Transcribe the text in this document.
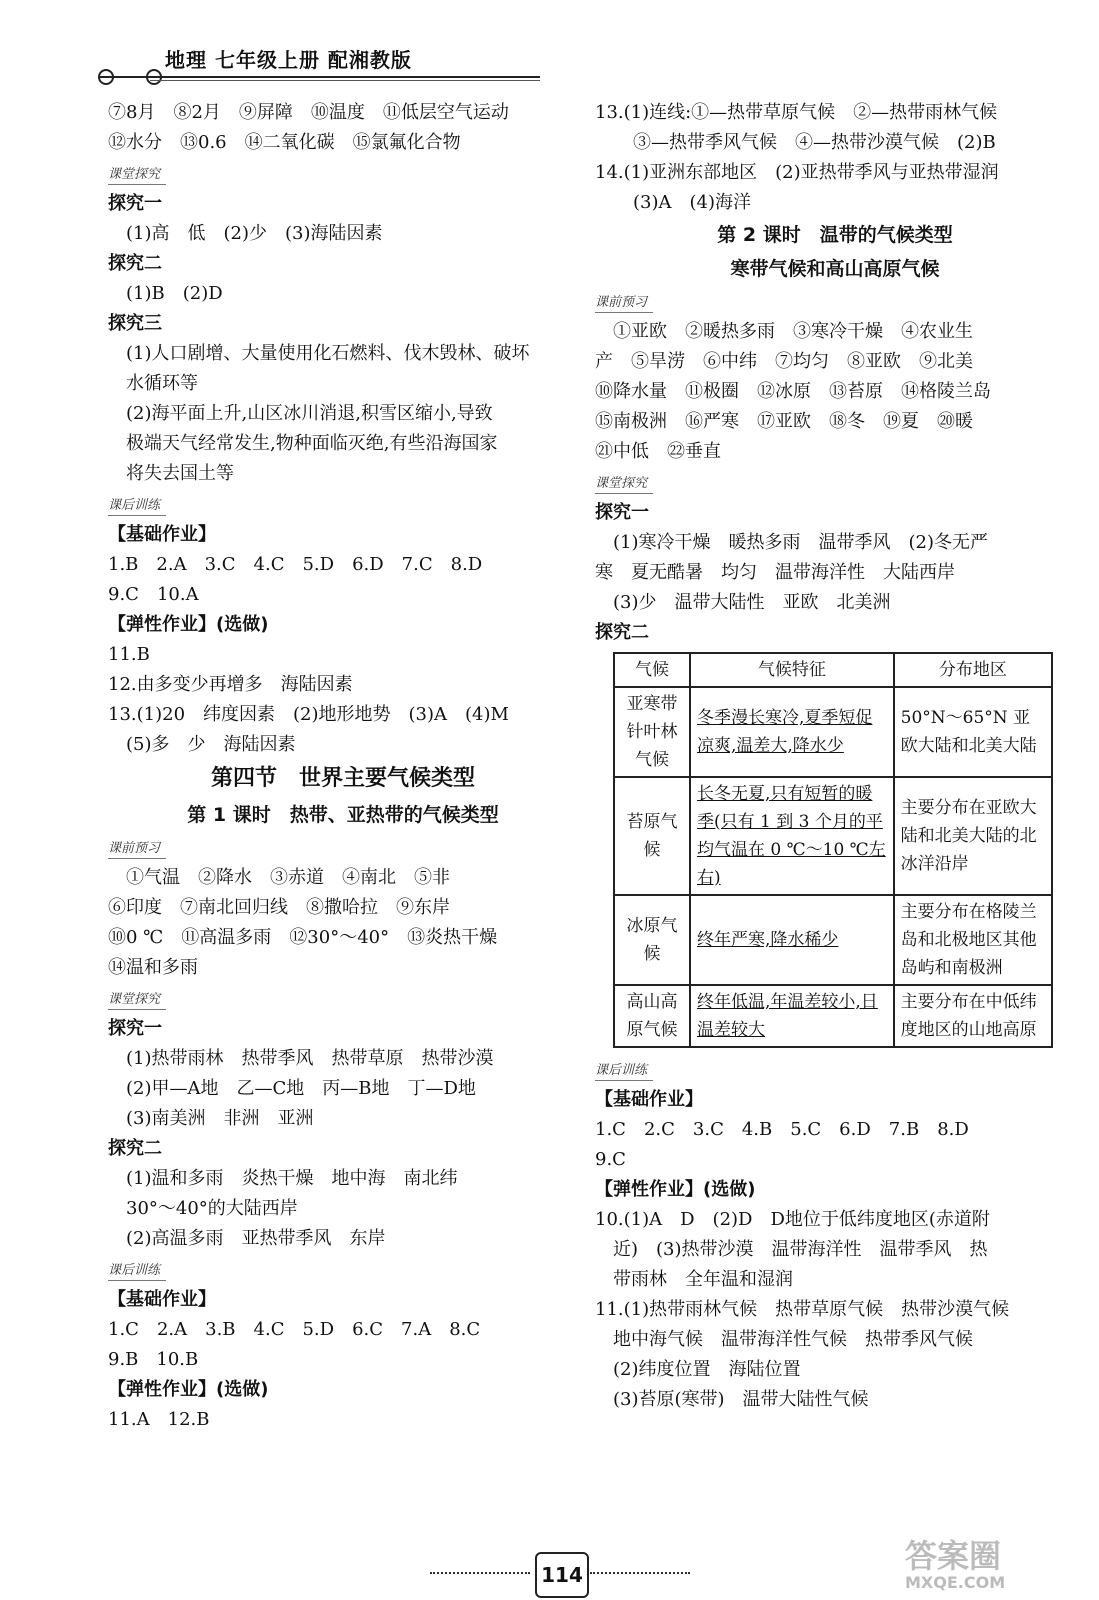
地理 七年级上册 配湘教版
⑦8月 ⑧2月 ⑨屏障 ⑩温度 ⑪低层空气运动
⑫水分 ⑬0.6 ⑭二氧化碳 ⑮氯氟化合物
课堂探究
探究一
(1)高　低　(2)少　(3)海陆因素
探究二
(1)B　(2)D
探究三
(1)人口剧增、大量使用化石燃料、伐木毁林、破坏
水循环等
(2)海平面上升,山区冰川消退,积雪区缩小,导致
极端天气经常发生,物种面临灭绝,有些沿海国家
将失去国土等
课后训练
【基础作业】
1.B　2.A　3.C　4.C　5.D　6.D　7.C　8.D
9.C　10.A
【弹性作业】(选做)
11.B
12.由多变少再增多　海陆因素
13.(1)20　纬度因素　(2)地形地势　(3)A　(4)M
(5)多　少　海陆因素
第四节　世界主要气候类型
第 1 课时　热带、亚热带的气候类型
课前预习
①气温　②降水　③赤道　④南北　⑤非
⑥印度　⑦南北回归线　⑧撒哈拉　⑨东岸
⑩0 ℃　⑪高温多雨　⑫30°～40°　⑬炎热干燥
⑭温和多雨
课堂探究
探究一
(1)热带雨林　热带季风　热带草原　热带沙漠
(2)甲—A地　乙—C地　丙—B地　丁—D地
(3)南美洲　非洲　亚洲
探究二
(1)温和多雨　炎热干燥　地中海　南北纬
30°～40°的大陆西岸
(2)高温多雨　亚热带季风　东岸
课后训练
【基础作业】
1.C　2.A　3.B　4.C　5.D　6.C　7.A　8.C
9.B　10.B
【弹性作业】(选做)
11.A　12.B
13.(1)连线:①—热带草原气候　②—热带雨林气候
③—热带季风气候　④—热带沙漠气候　(2)B
14.(1)亚洲东部地区　(2)亚热带季风与亚热带湿润
(3)A　(4)海洋
第 2 课时　温带的气候类型
寒带气候和高山高原气候
课前预习
①亚欧　②暖热多雨　③寒冷干燥　④农业生
产　⑤旱涝　⑥中纬　⑦均匀　⑧亚欧　⑨北美
⑩降水量　⑪极圈　⑫冰原　⑬苔原　⑭格陵兰岛
⑮南极洲　⑯严寒　⑰亚欧　⑱冬　⑲夏　⑳暖
㉑中低　㉒垂直
课堂探究
探究一
(1)寒冷干燥　暖热多雨　温带季风　(2)冬无严
寒　夏无酷暑　均匀　温带海洋性　大陆西岸
(3)少　温带大陆性　亚欧　北美洲
探究二
气候	气候特征	分布地区
亚寒带针叶林气候	冬季漫长寒冷,夏季短促凉爽,温差大,降水少	50°N～65°N 亚欧大陆和北美大陆
苔原气候	长冬无夏,只有短暂的暖季(只有 1 到 3 个月的平均气温在 0 ℃～10 ℃左右)	主要分布在亚欧大陆和北美大陆的北冰洋沿岸
冰原气候	终年严寒,降水稀少	主要分布在格陵兰岛和北极地区其他岛屿和南极洲
高山高原气候	终年低温,年温差较小,日温差较大	主要分布在中低纬度地区的山地高原
课后训练
【基础作业】
1.C　2.C　3.C　4.B　5.C　6.D　7.B　8.D
9.C
【弹性作业】(选做)
10.(1)A　D　(2)D　D地位于低纬度地区(赤道附
近)　(3)热带沙漠　温带海洋性　温带季风　热
带雨林　全年温和湿润
11.(1)热带雨林气候　热带草原气候　热带沙漠气候
地中海气候　温带海洋性气候　热带季风气候
(2)纬度位置　海陆位置
(3)苔原(寒带)　温带大陆性气候
114	答案圈
MXQE.COM
